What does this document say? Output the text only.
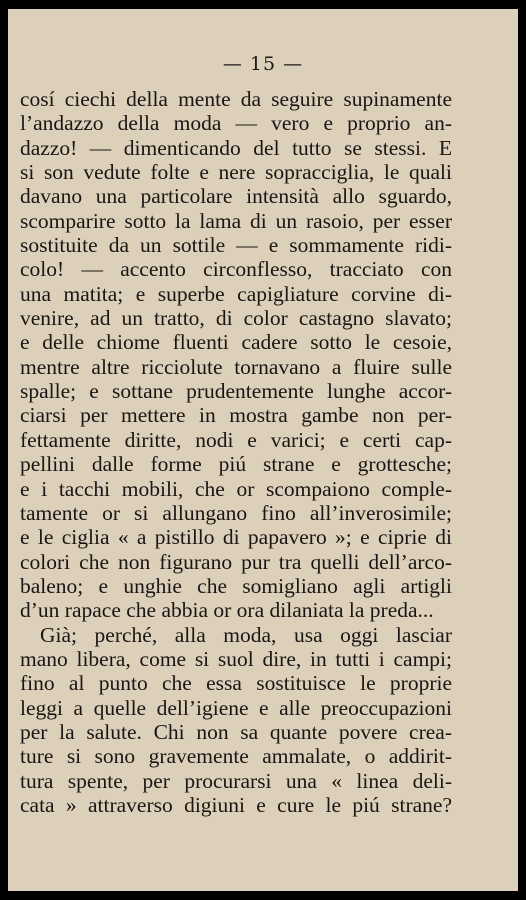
— 15 —
cosí ciechi della mente da seguire supinamente
l’andazzo della moda — vero e proprio an-
dazzo! — dimenticando del tutto se stessi. E
si son vedute folte e nere sopracciglia, le quali
davano una particolare intensità allo sguardo,
scomparire sotto la lama di un rasoio, per esser
sostituite da un sottile — e sommamente ridi-
colo! — accento circonflesso, tracciato con
una matita; e superbe capigliature corvine di-
venire, ad un tratto, di color castagno slavato;
e delle chiome fluenti cadere sotto le cesoie,
mentre altre ricciolute tornavano a fluire sulle
spalle; e sottane prudentemente lunghe accor-
ciarsi per mettere in mostra gambe non per-
fettamente diritte, nodi e varici; e certi cap-
pellini dalle forme piú strane e grottesche;
e i tacchi mobili, che or scompaiono comple-
tamente or si allungano fino all’inverosimile;
e le ciglia « a pistillo di papavero »; e ciprie di
colori che non figurano pur tra quelli dell’arco-
baleno; e unghie che somigliano agli artigli
d’un rapace che abbia or ora dilaniata la preda...
Già; perché, alla moda, usa oggi lasciar
mano libera, come si suol dire, in tutti i campi;
fino al punto che essa sostituisce le proprie
leggi a quelle dell’igiene e alle preoccupazioni
per la salute. Chi non sa quante povere crea-
ture si sono gravemente ammalate, o addirit-
tura spente, per procurarsi una « linea deli-
cata » attraverso digiuni e cure le piú strane?
